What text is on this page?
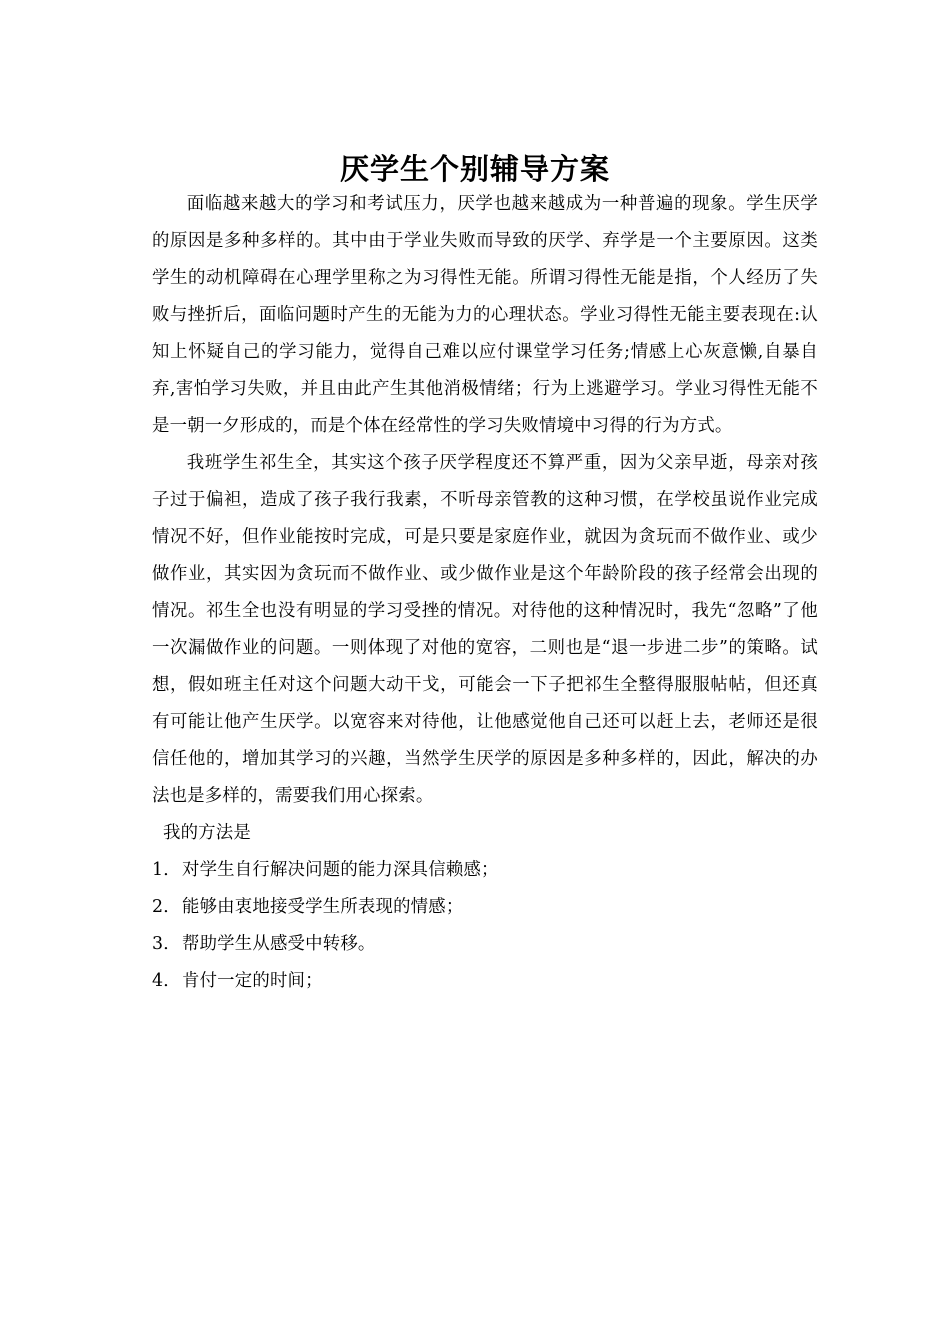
厌学生个别辅导方案

面临越来越大的学习和考试压力，厌学也越来越成为一种普遍的现象。学生厌学的原因是多种多样的。其中由于学业失败而导致的厌学、弃学是一个主要原因。这类学生的动机障碍在心理学里称之为习得性无能。所谓习得性无能是指，个人经历了失败与挫折后，面临问题时产生的无能为力的心理状态。学业习得性无能主要表现在:认知上怀疑自己的学习能力，觉得自己难以应付课堂学习任务;情感上心灰意懒,自暴自弃,害怕学习失败，并且由此产生其他消极情绪；行为上逃避学习。学业习得性无能不是一朝一夕形成的，而是个体在经常性的学习失败情境中习得的行为方式。

我班学生祁生全，其实这个孩子厌学程度还不算严重，因为父亲早逝，母亲对孩子过于偏袒，造成了孩子我行我素，不听母亲管教的这种习惯，在学校虽说作业完成情况不好，但作业能按时完成，可是只要是家庭作业，就因为贪玩而不做作业、或少做作业，其实因为贪玩而不做作业、或少做作业是这个年龄阶段的孩子经常会出现的情况。祁生全也没有明显的学习受挫的情况。对待他的这种情况时，我先“忽略”了他一次漏做作业的问题。一则体现了对他的宽容，二则也是“退一步进二步”的策略。试想，假如班主任对这个问题大动干戈，可能会一下子把祁生全整得服服帖帖，但还真有可能让他产生厌学。以宽容来对待他，让他感觉他自己还可以赶上去，老师还是很信任他的，增加其学习的兴趣，当然学生厌学的原因是多种多样的，因此，解决的办法也是多样的，需要我们用心探索。

我的方法是

1．对学生自行解决问题的能力深具信赖感；

2．能够由衷地接受学生所表现的情感；

3．帮助学生从感受中转移。

4．肯付一定的时间；
